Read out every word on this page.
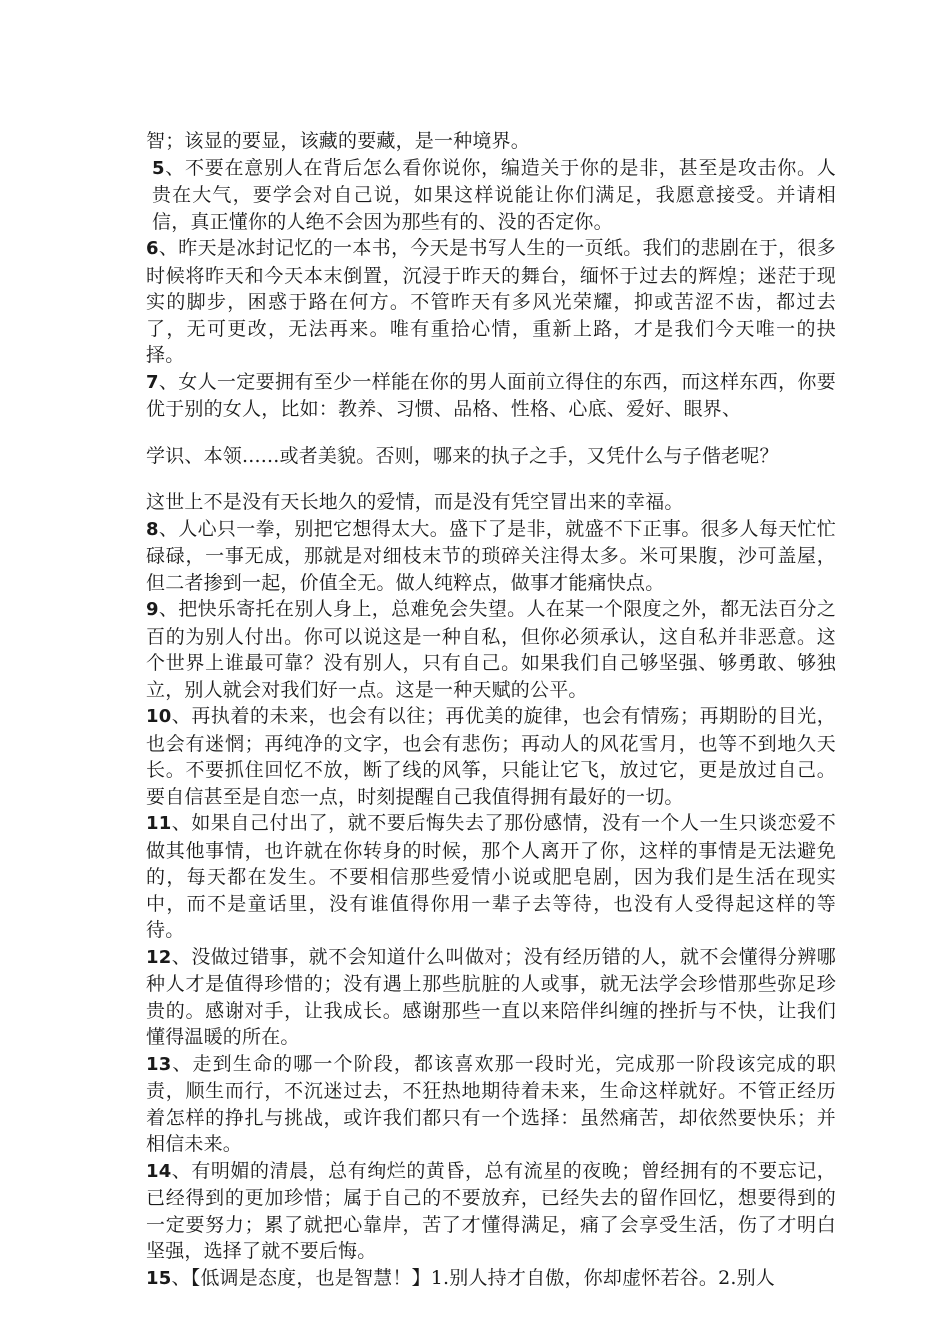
智；该显的要显，该藏的要藏，是一种境界。

5、不要在意别人在背后怎么看你说你，编造关于你的是非，甚至是攻击你。人贵在大气，要学会对自己说，如果这样说能让你们满足，我愿意接受。并请相信，真正懂你的人绝不会因为那些有的、没的否定你。

6、昨天是冰封记忆的一本书，今天是书写人生的一页纸。我们的悲剧在于，很多时候将昨天和今天本末倒置，沉浸于昨天的舞台，缅怀于过去的辉煌；迷茫于现实的脚步，困惑于路在何方。不管昨天有多风光荣耀，抑或苦涩不齿，都过去了，无可更改，无法再来。唯有重拾心情，重新上路，才是我们今天唯一的抉择。

7、女人一定要拥有至少一样能在你的男人面前立得住的东西，而这样东西，你要优于别的女人，比如：教养、习惯、品格、性格、心底、爱好、眼界、

学识、本领......或者美貌。否则，哪来的执子之手，又凭什么与子偕老呢？

这世上不是没有天长地久的爱情，而是没有凭空冒出来的幸福。

8、人心只一拳，别把它想得太大。盛下了是非，就盛不下正事。很多人每天忙忙碌碌，一事无成，那就是对细枝末节的琐碎关注得太多。米可果腹，沙可盖屋，但二者掺到一起，价值全无。做人纯粹点，做事才能痛快点。

9、把快乐寄托在别人身上，总难免会失望。人在某一个限度之外，都无法百分之百的为别人付出。你可以说这是一种自私，但你必须承认，这自私并非恶意。这个世界上谁最可靠？没有别人，只有自己。如果我们自己够坚强、够勇敢、够独立，别人就会对我们好一点。这是一种天赋的公平。

10、再执着的未来，也会有以往；再优美的旋律，也会有情殇；再期盼的目光，也会有迷惘；再纯净的文字，也会有悲伤；再动人的风花雪月，也等不到地久天长。不要抓住回忆不放，断了线的风筝，只能让它飞，放过它，更是放过自己。要自信甚至是自恋一点，时刻提醒自己我值得拥有最好的一切。

11、如果自己付出了，就不要后悔失去了那份感情，没有一个人一生只谈恋爱不做其他事情，也许就在你转身的时候，那个人离开了你，这样的事情是无法避免的，每天都在发生。不要相信那些爱情小说或肥皂剧，因为我们是生活在现实中，而不是童话里，没有谁值得你用一辈子去等待，也没有人受得起这样的等待。

12、没做过错事，就不会知道什么叫做对；没有经历错的人，就不会懂得分辨哪种人才是值得珍惜的；没有遇上那些肮脏的人或事，就无法学会珍惜那些弥足珍贵的。感谢对手，让我成长。感谢那些一直以来陪伴纠缠的挫折与不快，让我们懂得温暖的所在。

13、走到生命的哪一个阶段，都该喜欢那一段时光，完成那一阶段该完成的职责，顺生而行，不沉迷过去，不狂热地期待着未来，生命这样就好。不管正经历着怎样的挣扎与挑战，或许我们都只有一个选择：虽然痛苦，却依然要快乐；并相信未来。

14、有明媚的清晨，总有绚烂的黄昏，总有流星的夜晚；曾经拥有的不要忘记，已经得到的更加珍惜；属于自己的不要放弃，已经失去的留作回忆，想要得到的一定要努力；累了就把心靠岸，苦了才懂得满足，痛了会享受生活，伤了才明白坚强，选择了就不要后悔。

15、【低调是态度，也是智慧！】1.别人持才自傲，你却虚怀若谷。2.别人
